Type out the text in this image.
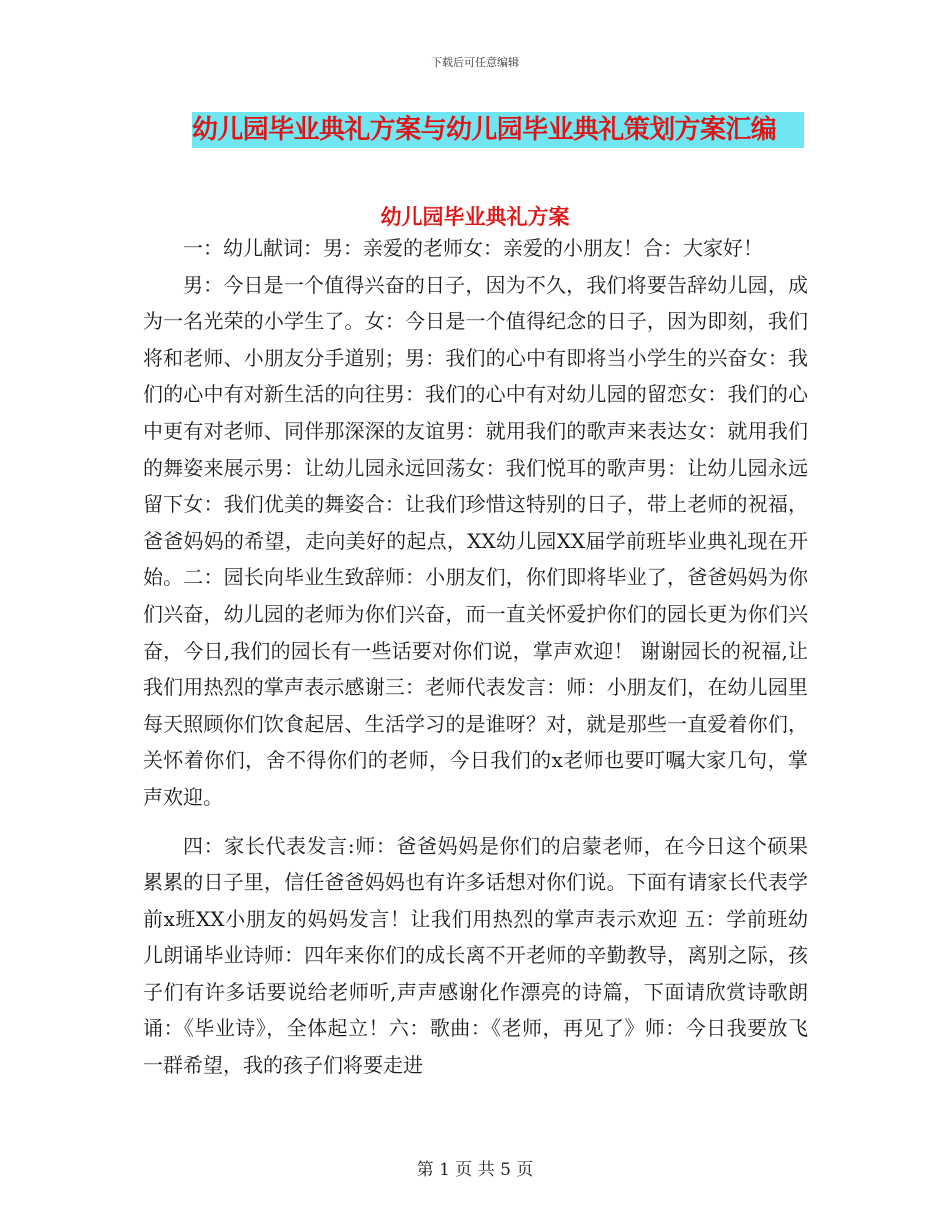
下载后可任意编辑
幼儿园毕业典礼方案与幼儿园毕业典礼策划方案汇编
幼儿园毕业典礼方案

一：幼儿献词：男：亲爱的老师女：亲爱的小朋友！合：大家好！

男：今日是一个值得兴奋的日子，因为不久，我们将要告辞幼儿园，成为一名光荣的小学生了。女：今日是一个值得纪念的日子，因为即刻，我们将和老师、小朋友分手道别；男：我们的心中有即将当小学生的兴奋女：我们的心中有对新生活的向往男：我们的心中有对幼儿园的留恋女：我们的心中更有对老师、同伴那深深的友谊男：就用我们的歌声来表达女：就用我们的舞姿来展示男：让幼儿园永远回荡女：我们悦耳的歌声男：让幼儿园永远留下女：我们优美的舞姿合：让我们珍惜这特别的日子，带上老师的祝福，爸爸妈妈的希望，走向美好的起点，XX幼儿园XX届学前班毕业典礼现在开始。二：园长向毕业生致辞师：小朋友们，你们即将毕业了，爸爸妈妈为你们兴奋，幼儿园的老师为你们兴奋，而一直关怀爱护你们的园长更为你们兴奋，今日,我们的园长有一些话要对你们说，掌声欢迎！ 谢谢园长的祝福,让我们用热烈的掌声表示感谢三：老师代表发言：师：小朋友们，在幼儿园里每天照顾你们饮食起居、生活学习的是谁呀？对，就是那些一直爱着你们，关怀着你们，舍不得你们的老师，今日我们的x老师也要叮嘱大家几句，掌声欢迎。

四：家长代表发言:师：爸爸妈妈是你们的启蒙老师，在今日这个硕果累累的日子里，信任爸爸妈妈也有许多话想对你们说。下面有请家长代表学前x班XX小朋友的妈妈发言！让我们用热烈的掌声表示欢迎 五：学前班幼儿朗诵毕业诗师：四年来你们的成长离不开老师的辛勤教导，离别之际，孩子们有许多话要说给老师听,声声感谢化作漂亮的诗篇，下面请欣赏诗歌朗诵：《毕业诗》，全体起立！六：歌曲：《老师，再见了》师：今日我要放飞一群希望，我的孩子们将要走进

第 1 页 共 5 页
